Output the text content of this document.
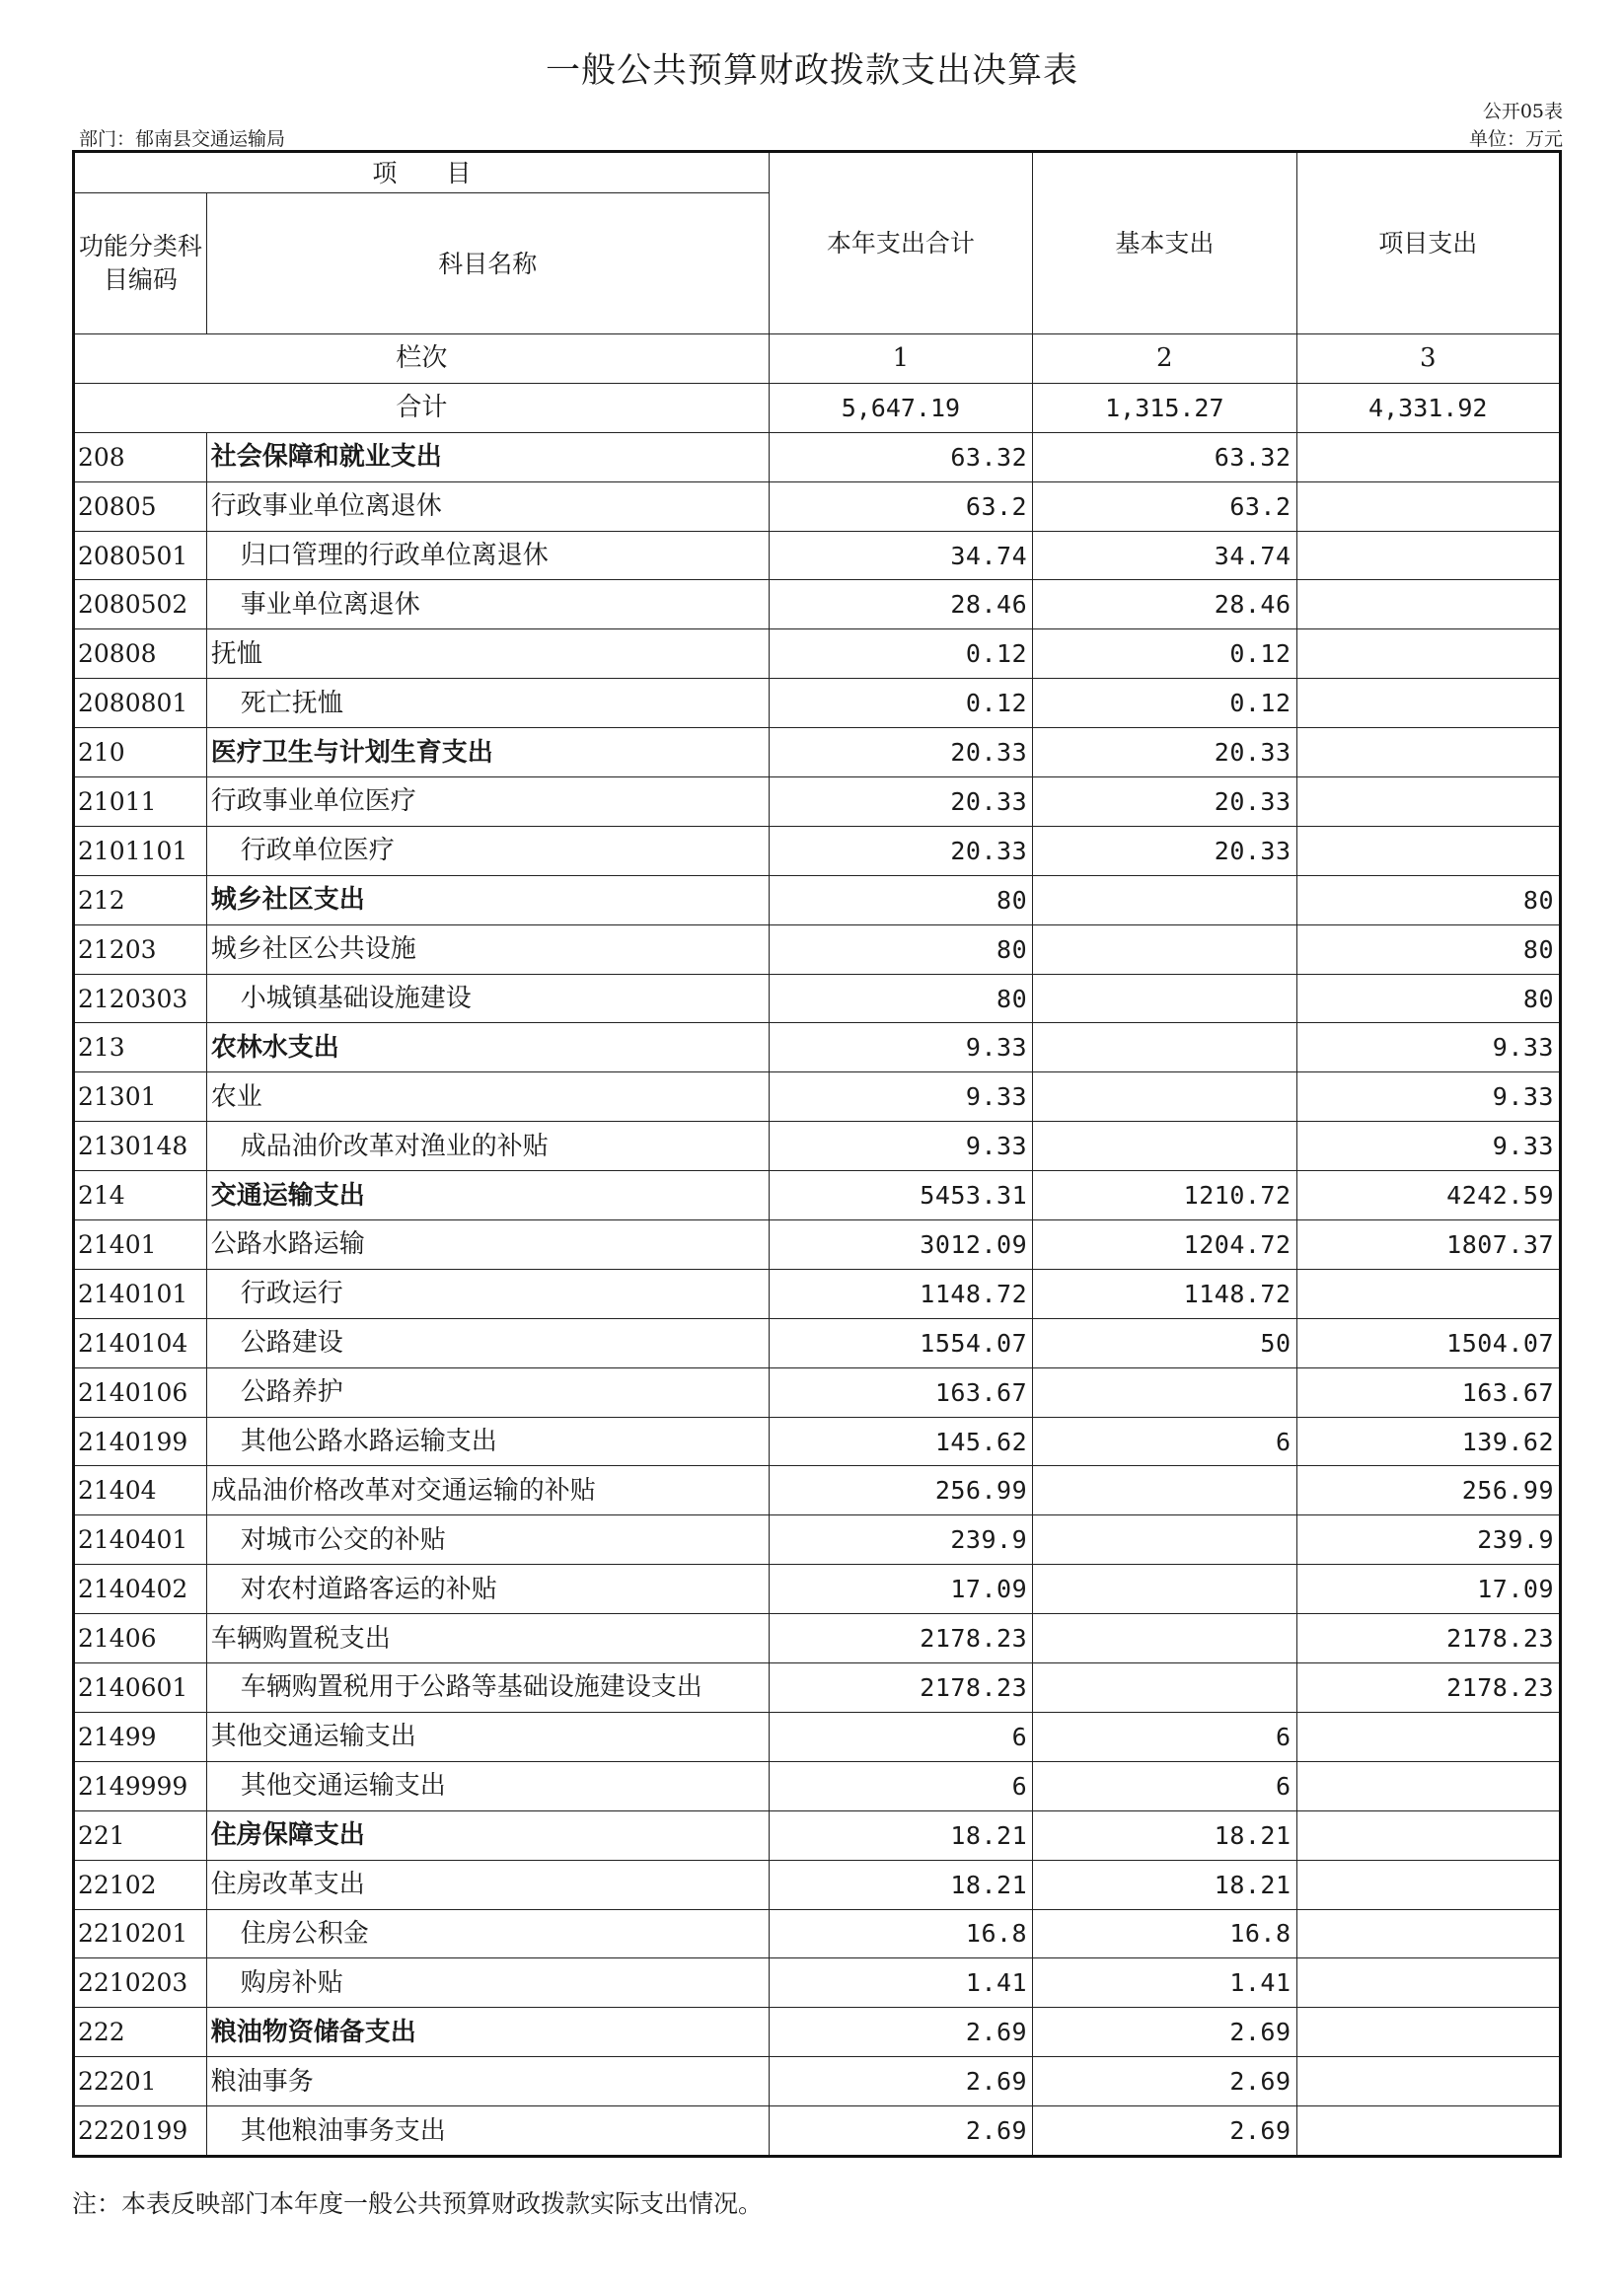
一般公共预算财政拨款支出决算表
公开05表
部门：郁南县交通运输局	单位：万元
项　　目		本年支出合计	基本支出	项目支出
功能分类科目编码	科目名称			
栏次		1	2	3
合计		5,647.19	1,315.27	4,331.92
208	社会保障和就业支出	63.32	63.32	
20805	行政事业单位离退休	63.2	63.2	
2080501	归口管理的行政单位离退休	34.74	34.74	
2080502	事业单位离退休	28.46	28.46	
20808	抚恤	0.12	0.12	
2080801	死亡抚恤	0.12	0.12	
210	医疗卫生与计划生育支出	20.33	20.33	
21011	行政事业单位医疗	20.33	20.33	
2101101	行政单位医疗	20.33	20.33	
212	城乡社区支出	80		80
21203	城乡社区公共设施	80		80
2120303	小城镇基础设施建设	80		80
213	农林水支出	9.33		9.33
21301	农业	9.33		9.33
2130148	成品油价改革对渔业的补贴	9.33		9.33
214	交通运输支出	5453.31	1210.72	4242.59
21401	公路水路运输	3012.09	1204.72	1807.37
2140101	行政运行	1148.72	1148.72	
2140104	公路建设	1554.07	50	1504.07
2140106	公路养护	163.67		163.67
2140199	其他公路水路运输支出	145.62	6	139.62
21404	成品油价格改革对交通运输的补贴	256.99		256.99
2140401	对城市公交的补贴	239.9		239.9
2140402	对农村道路客运的补贴	17.09		17.09
21406	车辆购置税支出	2178.23		2178.23
2140601	车辆购置税用于公路等基础设施建设支出	2178.23		2178.23
21499	其他交通运输支出	6	6	
2149999	其他交通运输支出	6	6	
221	住房保障支出	18.21	18.21	
22102	住房改革支出	18.21	18.21	
2210201	住房公积金	16.8	16.8	
2210203	购房补贴	1.41	1.41	
222	粮油物资储备支出	2.69	2.69	
22201	粮油事务	2.69	2.69	
2220199	其他粮油事务支出	2.69	2.69	
注：本表反映部门本年度一般公共预算财政拨款实际支出情况。
